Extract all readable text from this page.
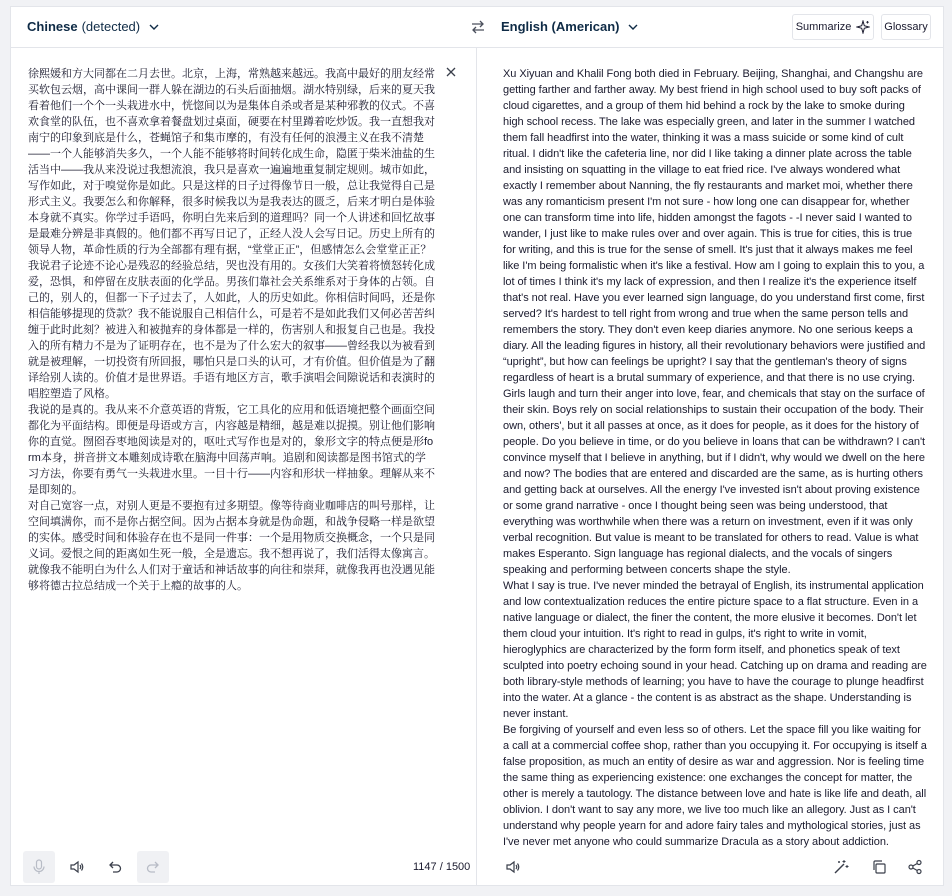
Chinese (detected)	English (American)	Summarize	Glossary
徐熙媛和方大同都在二月去世。北京，上海，常熟越来越远。我高中最好的朋友经常买软包云烟，高中课间一群人躲在湖边的石头后面抽烟。湖水特别绿，后来的夏天我看着他们一个个一头栽进水中，恍惚间以为是集体自杀或者是某种邪教的仪式。不喜欢食堂的队伍，也不喜欢拿着餐盘划过桌面，硬要在村里蹲着吃炒饭。我一直想我对南宁的印象到底是什么，苍蝇馆子和集市摩的，有没有任何的浪漫主义在我不清楚——一个人能够消失多久，一个人能不能够将时间转化成生命，隐匿于柴米油盐的生活当中——我从来没说过我想流浪，我只是喜欢一遍遍地重复制定规则。城市如此，写作如此，对于嗅觉你是如此。只是这样的日子过得像节日一般，总让我觉得自己是形式主义。我要怎么和你解释，很多时候我以为是我表达的匮乏，后来才明白是体验本身就不真实。你学过手语吗，你明白先来后到的道理吗？同一个人讲述和回忆故事是最难分辨是非真假的。他们都不再写日记了，正经人没人会写日记。历史上所有的领导人物，革命性质的行为全部都有理有据，“堂堂正正”，但感情怎么会堂堂正正？我说君子论迹不论心是残忍的经验总结，哭也没有用的。女孩们大笑着将愤怒转化成爱，恐惧，和停留在皮肤表面的化学品。男孩们靠社会关系维系对于身体的占领。自己的，别人的，但都一下子过去了，人如此，人的历史如此。你相信时间吗，还是你相信能够提现的贷款？我不能说服自己相信什么，可是若不是如此我们又何必苦苦纠缠于此时此刻？被进入和被抛弃的身体都是一样的，伤害别人和报复自己也是。我投入的所有精力不是为了证明存在，也不是为了什么宏大的叙事——曾经我以为被看到就是被理解，一切投资有所回报，哪怕只是口头的认可，才有价值。但价值是为了翻译给别人读的。价值才是世界语。手语有地区方言，歌手演唱会间隙说话和表演时的唱腔塑造了风格。
我说的是真的。我从来不介意英语的背叛，它工具化的应用和低语境把整个画面空间都化为平面结构。即便是母语或方言，内容越是精细，越是难以捉摸。别让他们影响你的直觉。囫囵吞枣地阅读是对的，呕吐式写作也是对的，象形文字的特点便是形form本身，拼音拼文本雕刻成诗歌在脑海中回荡声响。追剧和阅读都是图书馆式的学习方法，你要有勇气一头栽进水里。一目十行——内容和形状一样抽象。理解从来不是即刻的。
对自己宽容一点，对别人更是不要抱有过多期望。像等待商业咖啡店的叫号那样，让空间填满你，而不是你占据空间。因为占据本身就是伪命题，和战争侵略一样是欲望的实体。感受时间和体验存在也不是同一件事：一个是用物质交换概念，一个只是同义词。爱恨之间的距离如生死一般，全是遗忘。我不想再说了，我们活得太像寓言。就像我不能明白为什么人们对于童话和神话故事的向往和崇拜，就像我再也没遇见能够将德古拉总结成一个关于上瘾的故事的人。
Xu Xiyuan and Khalil Fong both died in February. Beijing, Shanghai, and Changshu are getting farther and farther away. My best friend in high school used to buy soft packs of cloud cigarettes, and a group of them hid behind a rock by the lake to smoke during high school recess. The lake was especially green, and later in the summer I watched them fall headfirst into the water, thinking it was a mass suicide or some kind of cult ritual. I didn't like the cafeteria line, nor did I like taking a dinner plate across the table and insisting on squatting in the village to eat fried rice. I've always wondered what exactly I remember about Nanning, the fly restaurants and market moi, whether there was any romanticism present I'm not sure - how long one can disappear for, whether one can transform time into life, hidden amongst the fagots - -I never said I wanted to wander, I just like to make rules over and over again. This is true for cities, this is true for writing, and this is true for the sense of smell. It's just that it always makes me feel like I'm being formalistic when it's like a festival. How am I going to explain this to you, a lot of times I think it's my lack of expression, and then I realize it's the experience itself that's not real. Have you ever learned sign language, do you understand first come, first served? It's hardest to tell right from wrong and true when the same person tells and remembers the story. They don't even keep diaries anymore. No one serious keeps a diary. All the leading figures in history, all their revolutionary behaviors were justified and “upright”, but how can feelings be upright? I say that the gentleman's theory of signs regardless of heart is a brutal summary of experience, and that there is no use crying. Girls laugh and turn their anger into love, fear, and chemicals that stay on the surface of their skin. Boys rely on social relationships to sustain their occupation of the body. Their own, others', but it all passes at once, as it does for people, as it does for the history of people. Do you believe in time, or do you believe in loans that can be withdrawn? I can't convince myself that I believe in anything, but if I didn't, why would we dwell on the here and now? The bodies that are entered and discarded are the same, as is hurting others and getting back at ourselves. All the energy I've invested isn't about proving existence or some grand narrative - once I thought being seen was being understood, that everything was worthwhile when there was a return on investment, even if it was only verbal recognition. But value is meant to be translated for others to read. Value is what makes Esperanto. Sign language has regional dialects, and the vocals of singers speaking and performing between concerts shape the style.
What I say is true. I've never minded the betrayal of English, its instrumental application and low contextualization reduces the entire picture space to a flat structure. Even in a native language or dialect, the finer the content, the more elusive it becomes. Don't let them cloud your intuition. It's right to read in gulps, it's right to write in vomit, hieroglyphics are characterized by the form form itself, and phonetics speak of text sculpted into poetry echoing sound in your head. Catching up on drama and reading are both library-style methods of learning; you have to have the courage to plunge headfirst into the water. At a glance - the content is as abstract as the shape. Understanding is never instant.
Be forgiving of yourself and even less so of others. Let the space fill you like waiting for a call at a commercial coffee shop, rather than you occupying it. For occupying is itself a false proposition, as much an entity of desire as war and aggression. Nor is feeling time the same thing as experiencing existence: one exchanges the concept for matter, the other is merely a tautology. The distance between love and hate is like life and death, all oblivion. I don't want to say any more, we live too much like an allegory. Just as I can't understand why people yearn for and adore fairy tales and mythological stories, just as I've never met anyone who could summarize Dracula as a story about addiction.
1147 / 1500
